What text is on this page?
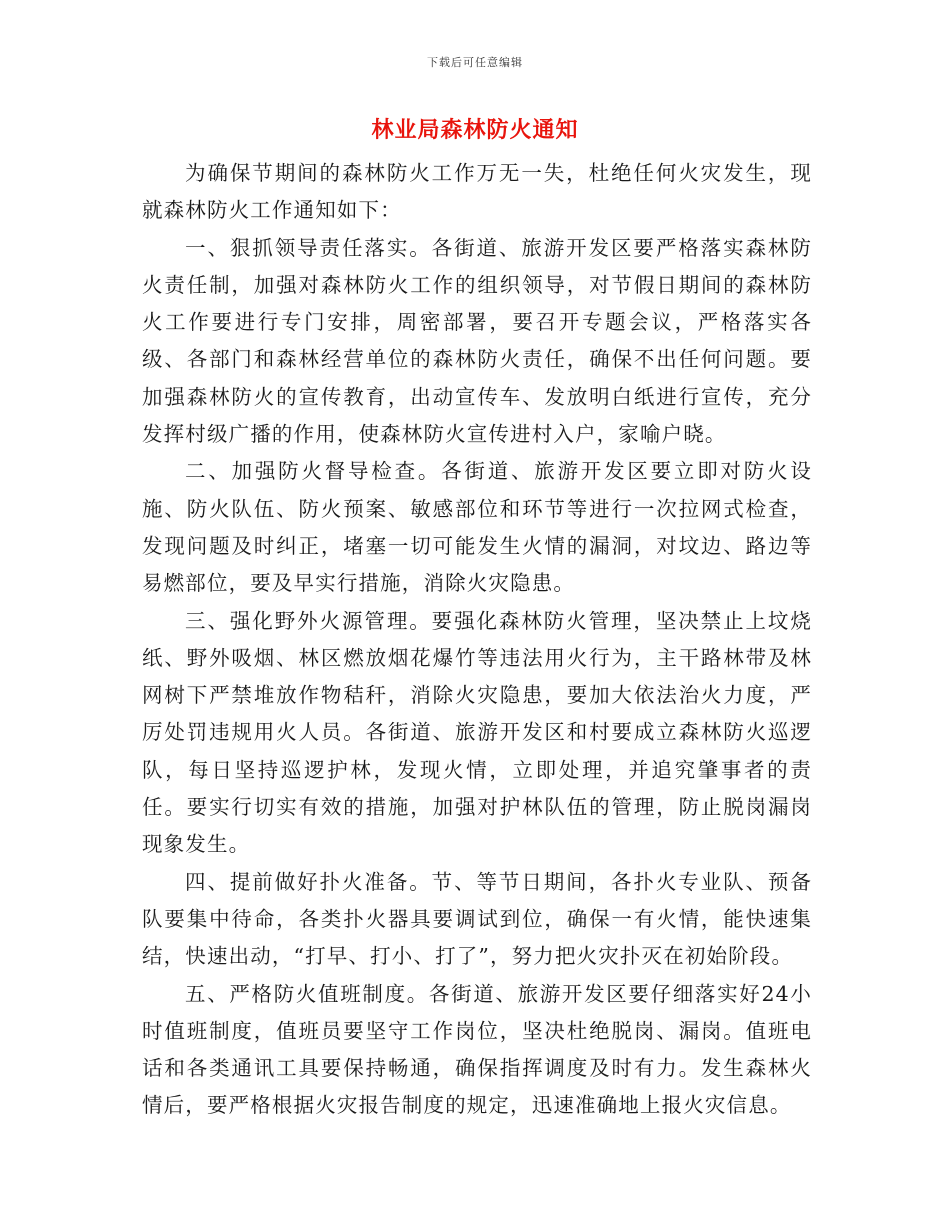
下载后可任意编辑
林业局森林防火通知

为确保节期间的森林防火工作万无一失，杜绝任何火灾发生，现就森林防火工作通知如下：

一、狠抓领导责任落实。各街道、旅游开发区要严格落实森林防火责任制，加强对森林防火工作的组织领导，对节假日期间的森林防火工作要进行专门安排，周密部署，要召开专题会议，严格落实各级、各部门和森林经营单位的森林防火责任，确保不出任何问题。要加强森林防火的宣传教育，出动宣传车、发放明白纸进行宣传，充分发挥村级广播的作用，使森林防火宣传进村入户，家喻户晓。

二、加强防火督导检查。各街道、旅游开发区要立即对防火设施、防火队伍、防火预案、敏感部位和环节等进行一次拉网式检查，发现问题及时纠正，堵塞一切可能发生火情的漏洞，对坟边、路边等易燃部位，要及早实行措施，消除火灾隐患。

三、强化野外火源管理。要强化森林防火管理，坚决禁止上坟烧纸、野外吸烟、林区燃放烟花爆竹等违法用火行为，主干路林带及林网树下严禁堆放作物秸秆，消除火灾隐患，要加大依法治火力度，严厉处罚违规用火人员。各街道、旅游开发区和村要成立森林防火巡逻队，每日坚持巡逻护林，发现火情，立即处理，并追究肇事者的责任。要实行切实有效的措施，加强对护林队伍的管理，防止脱岗漏岗现象发生。

四、提前做好扑火准备。节、等节日期间，各扑火专业队、预备队要集中待命，各类扑火器具要调试到位，确保一有火情，能快速集结，快速出动，“打早、打小、打了”，努力把火灾扑灭在初始阶段。

五、严格防火值班制度。各街道、旅游开发区要仔细落实好24小时值班制度，值班员要坚守工作岗位，坚决杜绝脱岗、漏岗。值班电话和各类通讯工具要保持畅通，确保指挥调度及时有力。发生森林火情后，要严格根据火灾报告制度的规定，迅速准确地上报火灾信息。
